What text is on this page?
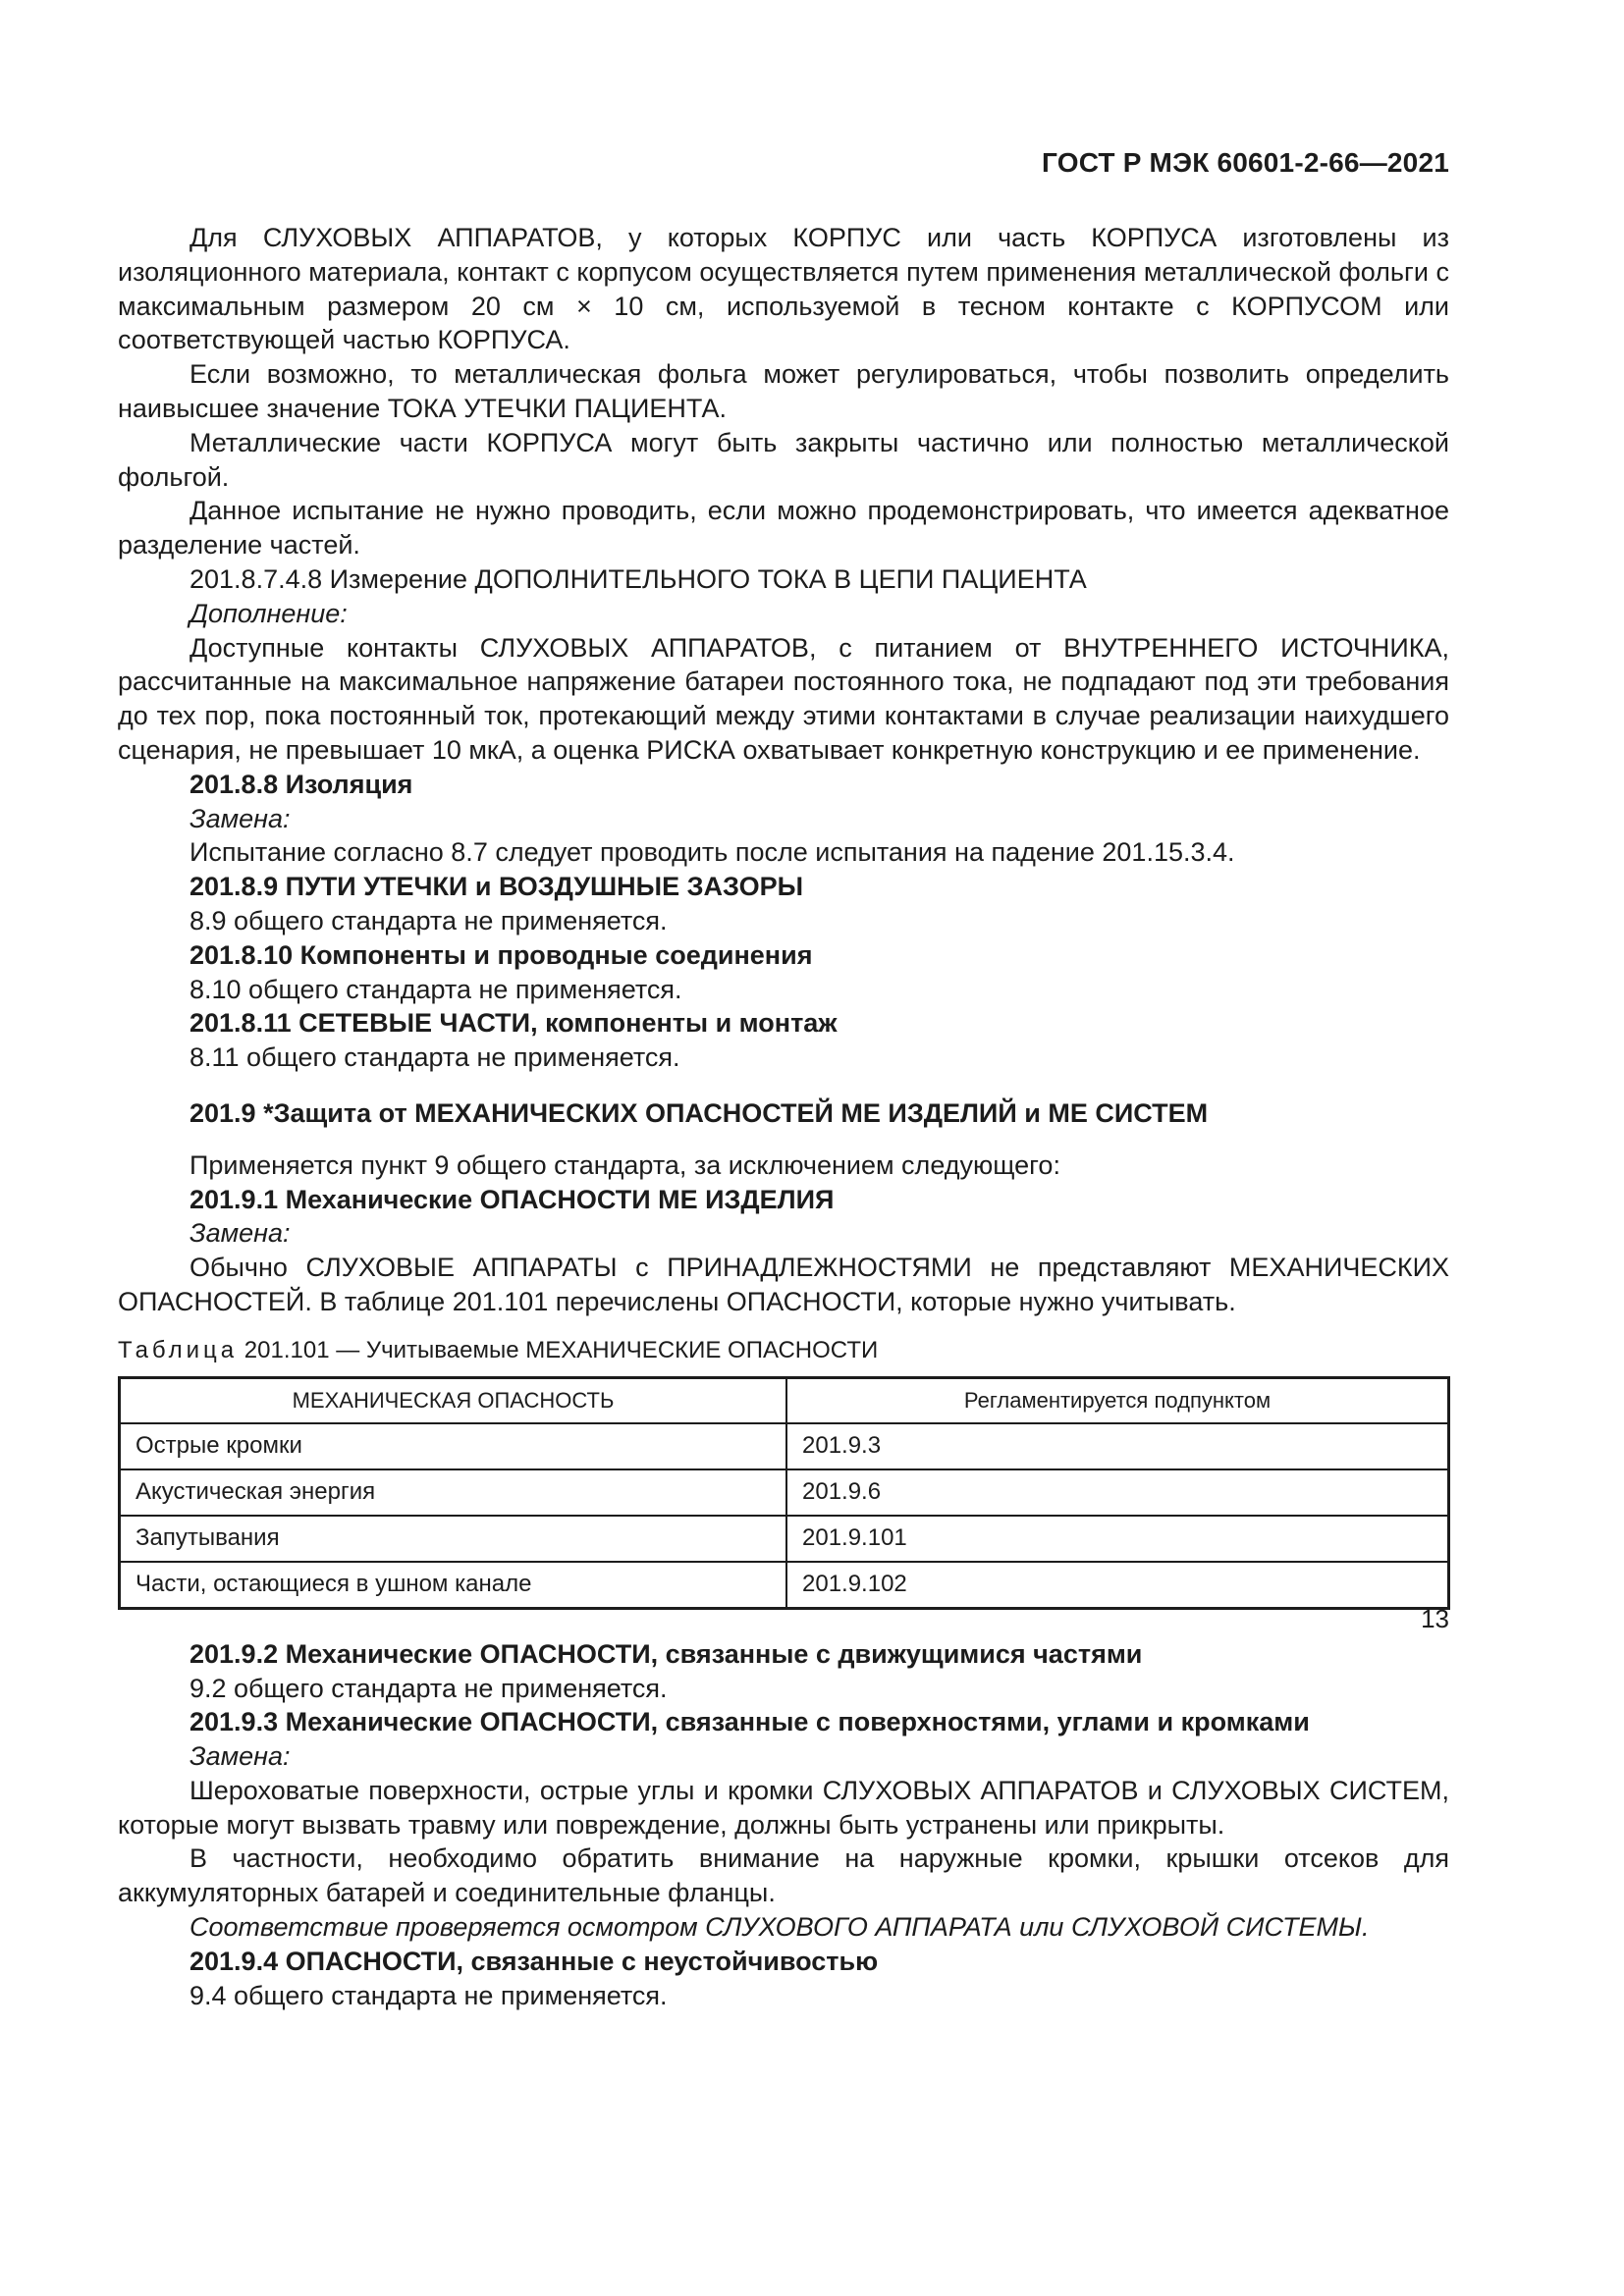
ГОСТ Р МЭК 60601-2-66—2021

Для СЛУХОВЫХ АППАРАТОВ, у которых КОРПУС или часть КОРПУСА изготовлены из изоляционного материала, контакт с корпусом осуществляется путем применения металлической фольги с максимальным размером 20 см × 10 см, используемой в тесном контакте с КОРПУСОМ или соответствующей частью КОРПУСА.

Если возможно, то металлическая фольга может регулироваться, чтобы позволить определить наивысшее значение ТОКА УТЕЧКИ ПАЦИЕНТА.

Металлические части КОРПУСА могут быть закрыты частично или полностью металлической фольгой.

Данное испытание не нужно проводить, если можно продемонстрировать, что имеется адекватное разделение частей.

201.8.7.4.8 Измерение ДОПОЛНИТЕЛЬНОГО ТОКА В ЦЕПИ ПАЦИЕНТА

Дополнение:

Доступные контакты СЛУХОВЫХ АППАРАТОВ, с питанием от ВНУТРЕННЕГО ИСТОЧНИКА, рассчитанные на максимальное напряжение батареи постоянного тока, не подпадают под эти требования до тех пор, пока постоянный ток, протекающий между этими контактами в случае реализации наихудшего сценария, не превышает 10 мкА, а оценка РИСКА охватывает конкретную конструкцию и ее применение.

201.8.8 Изоляция

Замена:

Испытание согласно 8.7 следует проводить после испытания на падение 201.15.3.4.

201.8.9 ПУТИ УТЕЧКИ и ВОЗДУШНЫЕ ЗАЗОРЫ

8.9 общего стандарта не применяется.

201.8.10 Компоненты и проводные соединения

8.10 общего стандарта не применяется.

201.8.11 СЕТЕВЫЕ ЧАСТИ, компоненты и монтаж

8.11 общего стандарта не применяется.

201.9 *Защита от МЕХАНИЧЕСКИХ ОПАСНОСТЕЙ МЕ ИЗДЕЛИЙ и МЕ СИСТЕМ

Применяется пункт 9 общего стандарта, за исключением следующего:

201.9.1 Механические ОПАСНОСТИ МЕ ИЗДЕЛИЯ

Замена:

Обычно СЛУХОВЫЕ АППАРАТЫ с ПРИНАДЛЕЖНОСТЯМИ не представляют МЕХАНИЧЕСКИХ ОПАСНОСТЕЙ. В таблице 201.101 перечислены ОПАСНОСТИ, которые нужно учитывать.

Таблица 201.101 — Учитываемые МЕХАНИЧЕСКИЕ ОПАСНОСТИ

МЕХАНИЧЕСКАЯ ОПАСНОСТЬ	Регламентируется подпунктом
Острые кромки	201.9.3
Акустическая энергия	201.9.6
Запутывания	201.9.101
Части, остающиеся в ушном канале	201.9.102

201.9.2 Механические ОПАСНОСТИ, связанные с движущимися частями

9.2 общего стандарта не применяется.

201.9.3 Механические ОПАСНОСТИ, связанные с поверхностями, углами и кромками

Замена:

Шероховатые поверхности, острые углы и кромки СЛУХОВЫХ АППАРАТОВ и СЛУХОВЫХ СИСТЕМ, которые могут вызвать травму или повреждение, должны быть устранены или прикрыты.

В частности, необходимо обратить внимание на наружные кромки, крышки отсеков для аккумуляторных батарей и соединительные фланцы.

Соответствие проверяется осмотром СЛУХОВОГО АППАРАТА или СЛУХОВОЙ СИСТЕМЫ.

201.9.4 ОПАСНОСТИ, связанные с неустойчивостью

9.4 общего стандарта не применяется.

13
